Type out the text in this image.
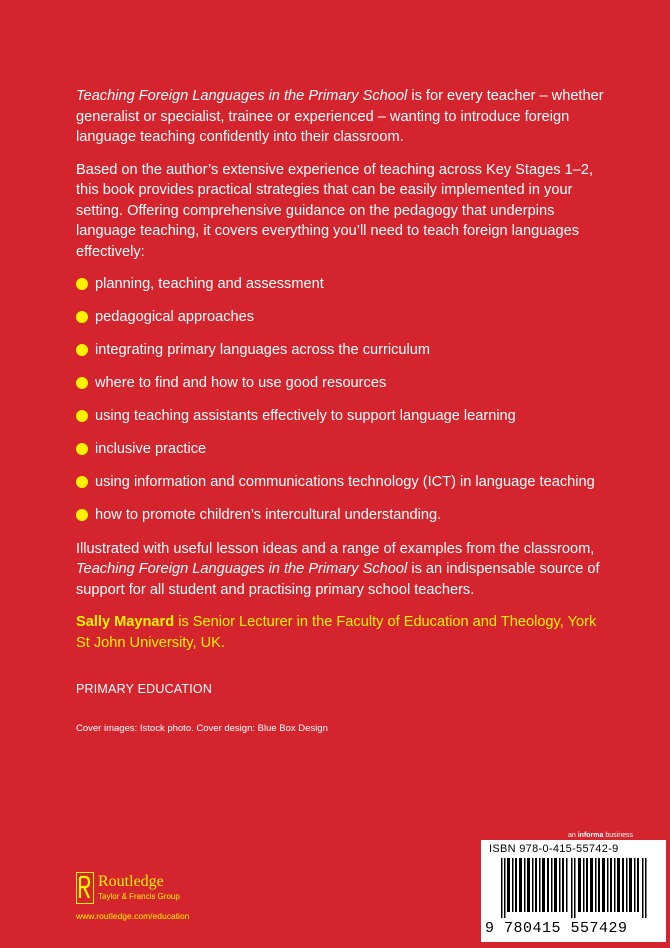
Teaching Foreign Languages in the Primary School is for every teacher – whether generalist or specialist, trainee or experienced – wanting to introduce foreign language teaching confidently into their classroom.

Based on the author’s extensive experience of teaching across Key Stages 1–2, this book provides practical strategies that can be easily implemented in your setting. Offering comprehensive guidance on the pedagogy that underpins language teaching, it covers everything you’ll need to teach foreign languages effectively:

planning, teaching and assessment
pedagogical approaches
integrating primary languages across the curriculum
where to find and how to use good resources
using teaching assistants effectively to support language learning
inclusive practice
using information and communications technology (ICT) in language teaching
how to promote children’s intercultural understanding.

Illustrated with useful lesson ideas and a range of examples from the classroom, Teaching Foreign Languages in the Primary School is an indispensable source of support for all student and practising primary school teachers.

Sally Maynard is Senior Lecturer in the Faculty of Education and Theology, York St John University, UK.

PRIMARY EDUCATION

Cover images: Istock photo. Cover design: Blue Box Design

Routledge
Taylor & Francis Group
www.routledge.com/education
an informa business
ISBN 978-0-415-55742-9
9 780415 557429
